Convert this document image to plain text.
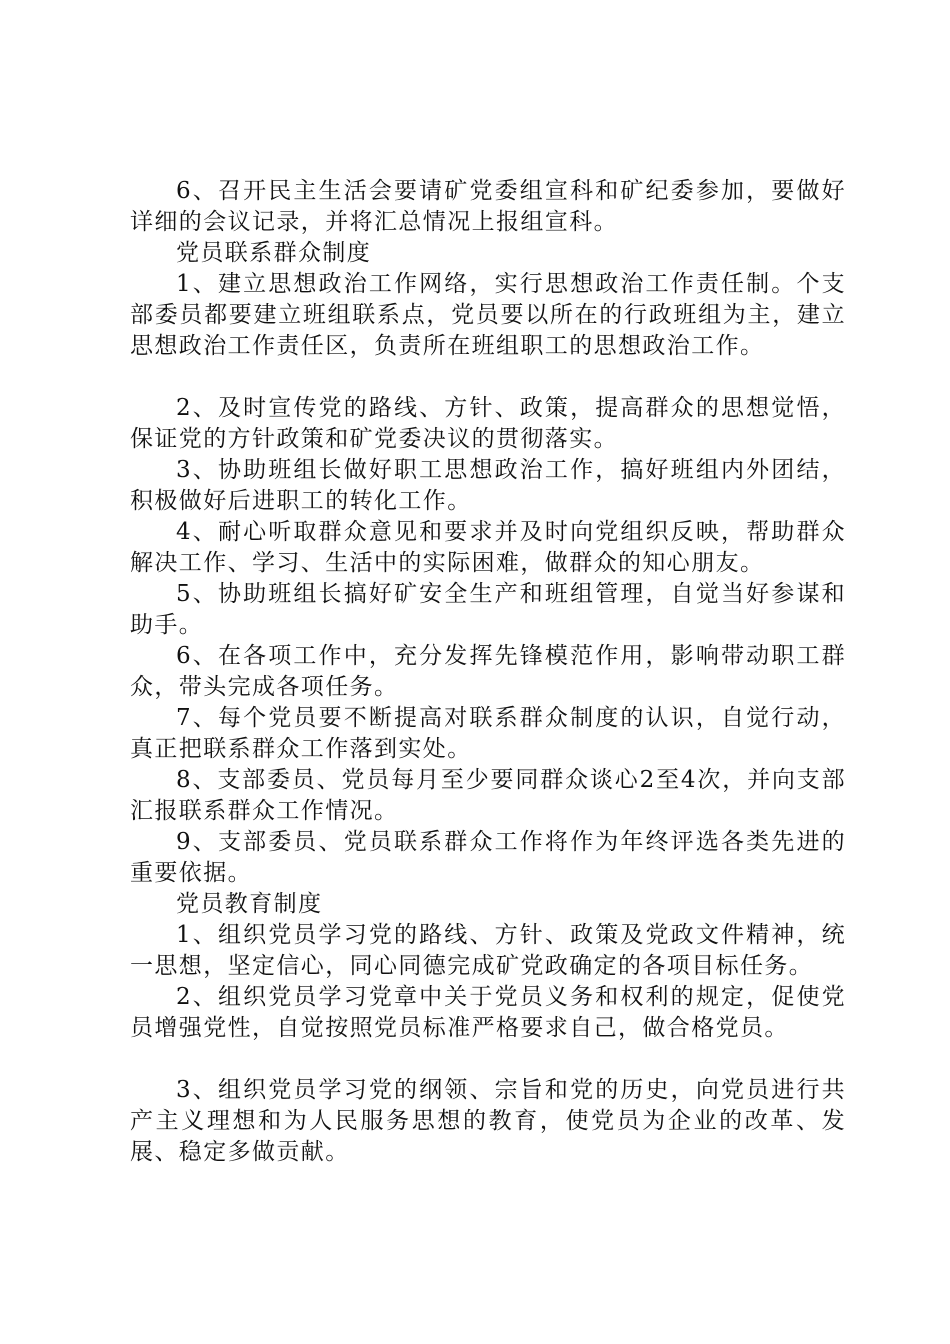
6、召开民主生活会要请矿党委组宣科和矿纪委参加，要做好详细的会议记录，并将汇总情况上报组宣科。

党员联系群众制度

1、建立思想政治工作网络，实行思想政治工作责任制。个支部委员都要建立班组联系点，党员要以所在的行政班组为主，建立思想政治工作责任区，负责所在班组职工的思想政治工作。

2、及时宣传党的路线、方针、政策，提高群众的思想觉悟，保证党的方针政策和矿党委决议的贯彻落实。

3、协助班组长做好职工思想政治工作，搞好班组内外团结，积极做好后进职工的转化工作。

4、耐心听取群众意见和要求并及时向党组织反映，帮助群众解决工作、学习、生活中的实际困难，做群众的知心朋友。

5、协助班组长搞好矿安全生产和班组管理，自觉当好参谋和助手。

6、在各项工作中，充分发挥先锋模范作用，影响带动职工群众，带头完成各项任务。

7、每个党员要不断提高对联系群众制度的认识，自觉行动，真正把联系群众工作落到实处。

8、支部委员、党员每月至少要同群众谈心2至4次，并向支部汇报联系群众工作情况。

9、支部委员、党员联系群众工作将作为年终评选各类先进的重要依据。

党员教育制度

1、组织党员学习党的路线、方针、政策及党政文件精神，统一思想，坚定信心，同心同德完成矿党政确定的各项目标任务。

2、组织党员学习党章中关于党员义务和权利的规定，促使党员增强党性，自觉按照党员标准严格要求自己，做合格党员。

3、组织党员学习党的纲领、宗旨和党的历史，向党员进行共产主义理想和为人民服务思想的教育，使党员为企业的改革、发展、稳定多做贡献。
